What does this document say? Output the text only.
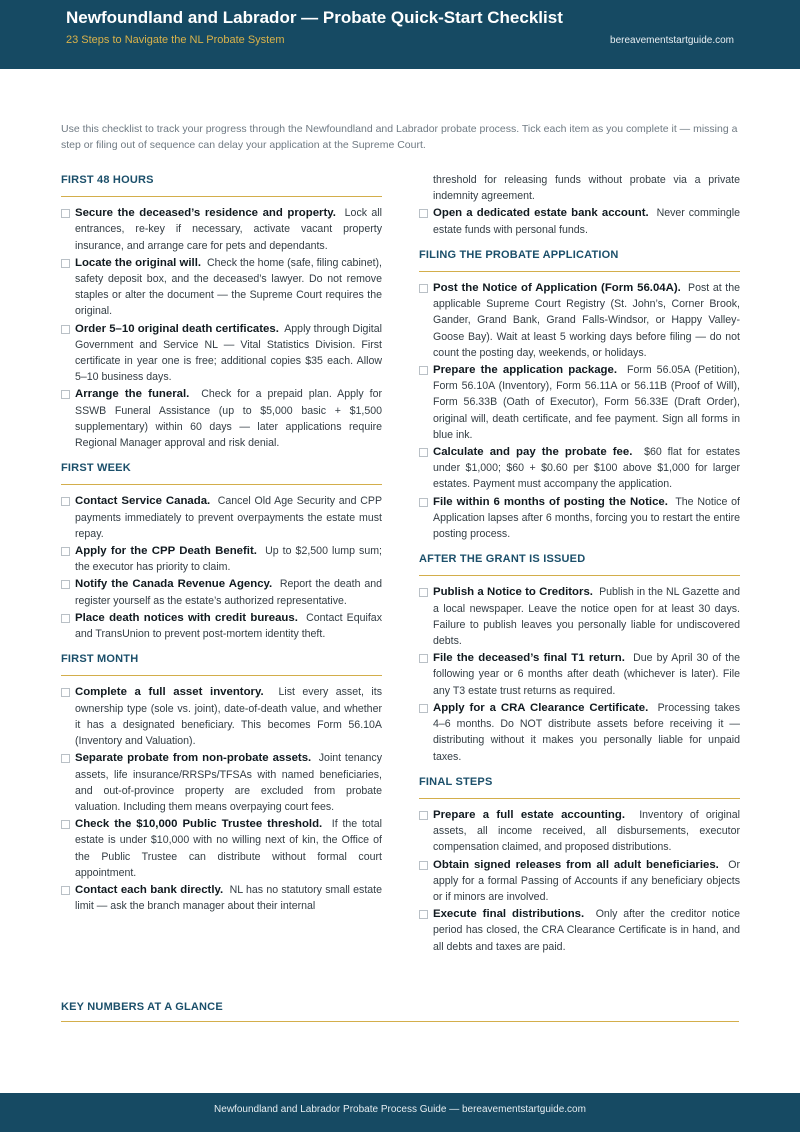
Newfoundland and Labrador — Probate Quick-Start Checklist
23 Steps to Navigate the NL Probate System	bereavementstartguide.com

Use this checklist to track your progress through the Newfoundland and Labrador probate process. Tick each item as you complete it — missing a step or filing out of sequence can delay your application at the Supreme Court.

FIRST 48 HOURS
Secure the deceased’s residence and property. Lock all entrances, re-key if necessary, activate vacant property insurance, and arrange care for pets and dependants.
Locate the original will. Check the home (safe, filing cabinet), safety deposit box, and the deceased’s lawyer. Do not remove staples or alter the document — the Supreme Court requires the original.
Order 5–10 original death certificates. Apply through Digital Government and Service NL — Vital Statistics Division. First certificate in year one is free; additional copies $35 each. Allow 5–10 business days.
Arrange the funeral. Check for a prepaid plan. Apply for SSWB Funeral Assistance (up to $5,000 basic + $1,500 supplementary) within 60 days — later applications require Regional Manager approval and risk denial.
FIRST WEEK
Contact Service Canada. Cancel Old Age Security and CPP payments immediately to prevent overpayments the estate must repay.
Apply for the CPP Death Benefit. Up to $2,500 lump sum; the executor has priority to claim.
Notify the Canada Revenue Agency. Report the death and register yourself as the estate’s authorized representative.
Place death notices with credit bureaus. Contact Equifax and TransUnion to prevent post-mortem identity theft.
FIRST MONTH
Complete a full asset inventory. List every asset, its ownership type (sole vs. joint), date-of-death value, and whether it has a designated beneficiary. This becomes Form 56.10A (Inventory and Valuation).
Separate probate from non-probate assets. Joint tenancy assets, life insurance/RRSPs/TFSAs with named beneficiaries, and out-of-province property are excluded from probate valuation. Including them means overpaying court fees.
Check the $10,000 Public Trustee threshold. If the total estate is under $10,000 with no willing next of kin, the Office of the Public Trustee can distribute without formal court appointment.
Contact each bank directly. NL has no statutory small estate limit — ask the branch manager about their internal
threshold for releasing funds without probate via a private indemnity agreement.
Open a dedicated estate bank account. Never commingle estate funds with personal funds.
FILING THE PROBATE APPLICATION
Post the Notice of Application (Form 56.04A). Post at the applicable Supreme Court Registry (St. John’s, Corner Brook, Gander, Grand Bank, Grand Falls-Windsor, or Happy Valley-Goose Bay). Wait at least 5 working days before filing — do not count the posting day, weekends, or holidays.
Prepare the application package. Form 56.05A (Petition), Form 56.10A (Inventory), Form 56.11A or 56.11B (Proof of Will), Form 56.33B (Oath of Executor), Form 56.33E (Draft Order), original will, death certificate, and fee payment. Sign all forms in blue ink.
Calculate and pay the probate fee. $60 flat for estates under $1,000; $60 + $0.60 per $100 above $1,000 for larger estates. Payment must accompany the application.
File within 6 months of posting the Notice. The Notice of Application lapses after 6 months, forcing you to restart the entire posting process.
AFTER THE GRANT IS ISSUED
Publish a Notice to Creditors. Publish in the NL Gazette and a local newspaper. Leave the notice open for at least 30 days. Failure to publish leaves you personally liable for undiscovered debts.
File the deceased’s final T1 return. Due by April 30 of the following year or 6 months after death (whichever is later). File any T3 estate trust returns as required.
Apply for a CRA Clearance Certificate. Processing takes 4–6 months. Do NOT distribute assets before receiving it — distributing without it makes you personally liable for unpaid taxes.
FINAL STEPS
Prepare a full estate accounting. Inventory of original assets, all income received, all disbursements, executor compensation claimed, and proposed distributions.
Obtain signed releases from all adult beneficiaries. Or apply for a formal Passing of Accounts if any beneficiary objects or if minors are involved.
Execute final distributions. Only after the creditor notice period has closed, the CRA Clearance Certificate is in hand, and all debts and taxes are paid.
KEY NUMBERS AT A GLANCE
Newfoundland and Labrador Probate Process Guide — bereavementstartguide.com
